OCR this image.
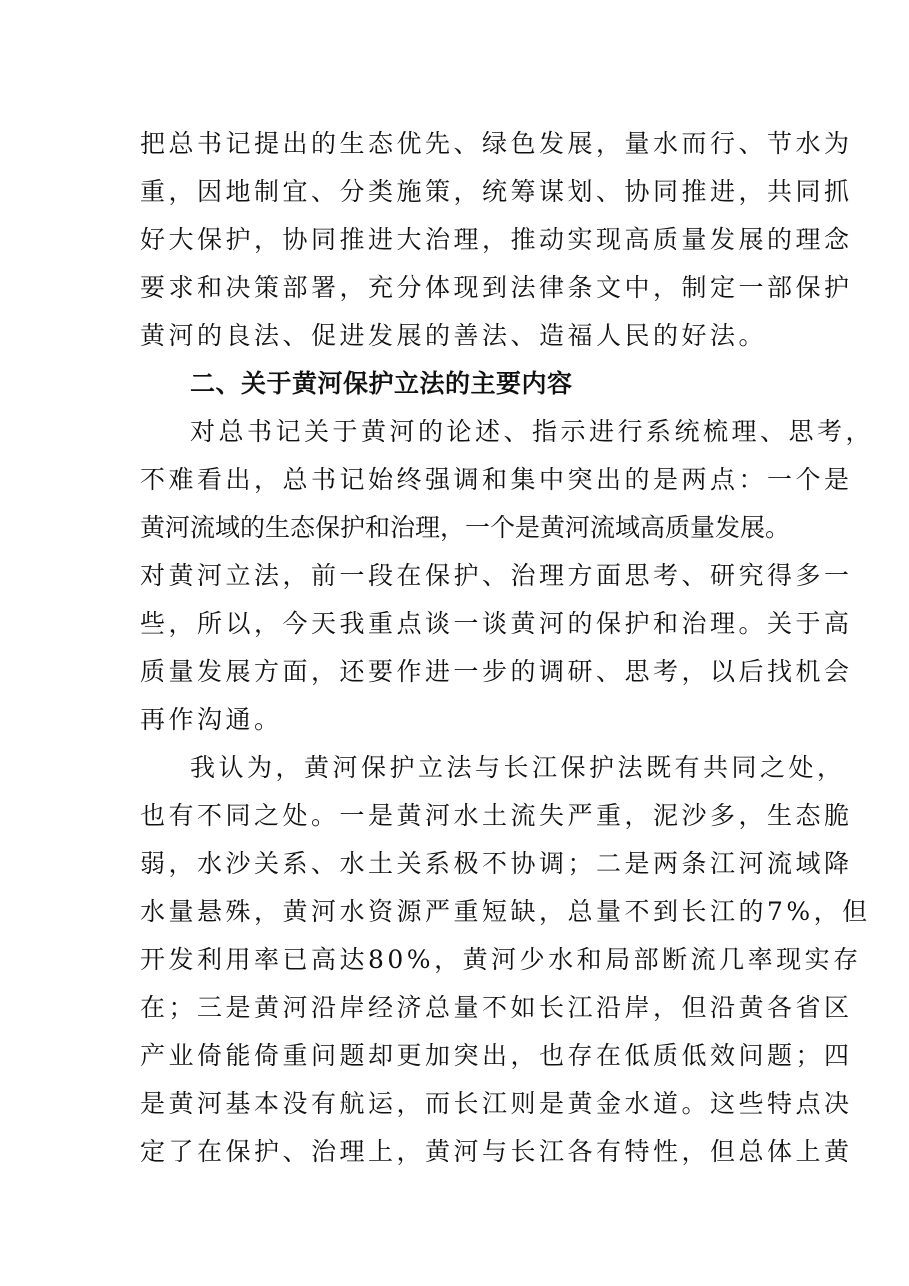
把总书记提出的生态优先、绿色发展，量水而行、节水为

重，因地制宜、分类施策，统筹谋划、协同推进，共同抓

好大保护，协同推进大治理，推动实现高质量发展的理念

要求和决策部署，充分体现到法律条文中，制定一部保护

黄河的良法、促进发展的善法、造福人民的好法。

二、关于黄河保护立法的主要内容

对总书记关于黄河的论述、指示进行系统梳理、思考，

不难看出，总书记始终强调和集中突出的是两点：一个是

黄河流域的生态保护和治理，一个是黄河流域高质量发展。

对黄河立法，前一段在保护、治理方面思考、研究得多一

些，所以，今天我重点谈一谈黄河的保护和治理。关于高

质量发展方面，还要作进一步的调研、思考，以后找机会

再作沟通。

我认为，黄河保护立法与长江保护法既有共同之处，

也有不同之处。一是黄河水土流失严重，泥沙多，生态脆

弱，水沙关系、水土关系极不协调；二是两条江河流域降

水量悬殊，黄河水资源严重短缺，总量不到长江的7%，但

开发利用率已高达80%，黄河少水和局部断流几率现实存

在；三是黄河沿岸经济总量不如长江沿岸，但沿黄各省区

产业倚能倚重问题却更加突出，也存在低质低效问题；四

是黄河基本没有航运，而长江则是黄金水道。这些特点决

定了在保护、治理上，黄河与长江各有特性，但总体上黄
